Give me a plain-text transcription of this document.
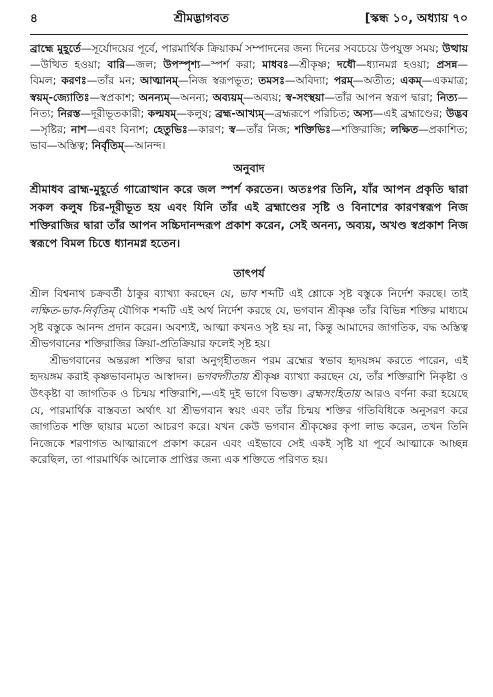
৪	শ্রীমদ্ভাগবত	[স্কন্ধ ১০, অধ্যায় ৭০

ব্রাহ্মে মুহূর্তে—সূর্যোদয়ের পূর্বে, পারমার্থিক ক্রিয়াকর্ম সম্পাদনের জন্য দিনের সবচেয়ে উপযুক্ত সময়; উত্থায়—উত্থিত হওয়া; বারি—জল; উপস্পৃশ্য—স্পর্শ করা; মাধবঃ—শ্রীকৃষ্ণ; দধৌ—ধ্যানমগ্ন হওয়া; প্রসন্ন—বিমল; করণঃ—তাঁর মন; আত্মানম্—নিজ স্বরূপভূত; তমসঃ—অবিদ্যা; পরম্—অতীত; একম্—একমাত্র; স্বয়ম্-জ্যোতিঃ—স্বপ্রকাশ; অনন্যম্—অনন্য; অব্যয়ম্—অব্যয়; স্ব-সংস্থয়া—তাঁর আপন স্বরূপ দ্বারা; নিত্য—নিত্য; নিরস্ত—দূরীভূতকারী; কল্মষম্—কলুষ; ব্রহ্ম-আখ্যম্—ব্রহ্মরূপে পরিচিত; অস্য—এই ব্রহ্মাণ্ডের; উদ্ভব—সৃষ্টির; নাশ—এবং বিনাশ; হেতুভিঃ—কারণ; স্ব—তাঁর নিজ; শক্তিভিঃ—শক্তিরাজি; লক্ষিত—প্রকাশিত; ভাব—অস্তিত্ব; নির্বৃতিম্—আনন্দ।

অনুবাদ

শ্রীমাধব ব্রাহ্ম-মুহূর্তে গাত্রোত্থান করে জল স্পর্শ করতেন। অতঃপর তিনি, যাঁর আপন প্রকৃতি দ্বারা সকল কলুষ চির-দূরীভূত হয় এবং যিনি তাঁর এই ব্রহ্মাণ্ডের সৃষ্টি ও বিনাশের কারণস্বরূপ নিজ শক্তিরাজির দ্বারা তাঁর আপন সচ্চিদানন্দরূপ প্রকাশ করেন, সেই অনন্য, অব্যয়, অখণ্ড স্বপ্রকাশ নিজ স্বরূপে বিমল চিত্তে ধ্যানমগ্ন হতেন।

তাৎপর্য

শ্রীল বিশ্বনাথ চক্রবর্তী ঠাকুর ব্যাখ্যা করছেন যে, ভাব শব্দটি এই শ্লোকে সৃষ্ট বস্তুকে নির্দেশ করছে। তাই লক্ষিত-ভাব-নির্বৃতিম্ যৌগিক শব্দটি এই অর্থ নির্দেশ করছে যে, ভগবান শ্রীকৃষ্ণ তাঁর বিভিন্ন শক্তির মাধ্যমে সৃষ্ট বস্তুকে আনন্দ প্রদান করেন। অবশ্যই, আত্মা কখনও সৃষ্ট হয় না, কিন্তু আমাদের জাগতিক, বদ্ধ অস্তিত্ব শ্রীভগবানের শক্তিরাজির ক্রিয়া-প্রতিক্রিয়ার ফলেই সৃষ্ট হয়।

শ্রীভগবানের অন্তরঙ্গা শক্তির দ্বারা অনুগৃহীতজন পরম ব্রহ্মের স্বভাব হৃদয়ঙ্গম করতে পারেন, এই হৃদয়ঙ্গম করাই কৃষ্ণভাবনামৃত আস্বাদন। ভগবদ্গীতায় শ্রীকৃষ্ণ ব্যাখ্যা করছেন যে, তাঁর শক্তিরাশি নিকৃষ্টা ও উৎকৃষ্টা বা জাগতিক ও চিন্ময় শক্তিরাশি,—এই দুই ভাগে বিভক্ত। ব্রহ্মসংহিতায় আরও বর্ণনা করা হয়েছে যে, পারমার্থিক বাস্তবতা অর্থাৎ যা শ্রীভগবান স্বয়ং এবং তাঁর চিন্ময় শক্তির গতিবিধিকে অনুসরণ করে জাগতিক শক্তি ছায়ার মতো আচরণ করে। যখন কেউ ভগবান শ্রীকৃষ্ণের কৃপা লাভ করেন, তখন তিনি নিজেকে শরণাগত আত্মারূপে প্রকাশ করেন এবং এইভাবে সেই একই সৃষ্টি যা পূর্বে আত্মাকে আচ্ছন্ন করেছিল, তা পারমার্থিক আলোক প্রাপ্তির জন্য এক শক্তিতে পরিণত হয়।
